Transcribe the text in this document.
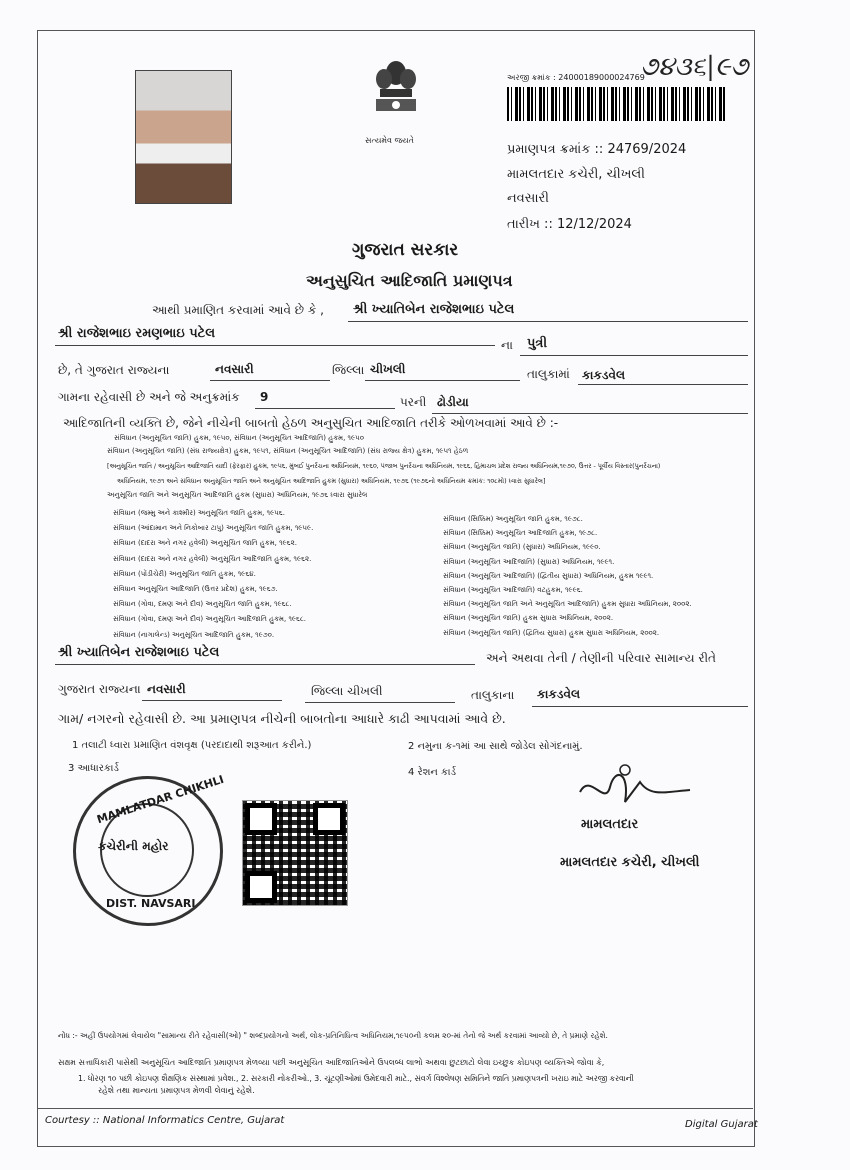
સત્યમેવ જયતે
૭૪૩૬|૯૭
અરજી ક્રમાંક : 24000189000024769
પ્રમાણપત્ર ક્રમાંક :: 24769/2024
મામલતદાર કચેરી, ચીખલી
નવસારી
તારીખ :: 12/12/2024
ગુજરાત સરકાર
અનુસુચિત આદિજાતિ પ્રમાણપત્ર
આથી પ્રમાણિત કરવામાં આવે છે કે , શ્રી ખ્યાતિબેન રાજેશભાઇ પટેલ
શ્રી રાજેશભાઇ રમણભાઇ પટેલ
ના પુત્રી
છે, તે ગુજરાત રાજ્યના	નવસારી	જિલ્લા ચીખલી	તાલુકામાં કાકડવેલ
ગામના રહેવાસી છે અને જે અનુક્રમાંક 9	પરની ઢોડીયા
આદિજાતિની વ્યક્તિ છે, જેને નીચેની બાબતો હેઠળ અનુસુચિત આદિજાતિ તરીકે ઓળખવામાં આવે છે :-
સંવિધાન (અનુસૂચિત જાતિ) હુકમ, ૧૯૫૦, સંવિધાન (અનુસૂચિત આદિજાતિ) હુકમ, ૧૯૫૦
સંવિધાન (અનુસૂચિત જાતિ) (સંઘ રાજ્યક્ષેત્ર) હુકમ, ૧૯૫૧, સંવિધાન (અનુસૂચિત આદિજાતિ) (સંઘ રાજ્ય ક્ષેત્ર) હુકમ, ૧૯૫૧ હેઠળ
[અનુસૂચિત જાતિ / અનુસૂચિત આદિજાતિ યાદી (ફેરફાર) હુકમ, ૧૯૫૬, મુંબઈ પુનર્રચના અધિનિયમ, ૧૯૬૦, પંજાબ પુનર્રચના અધિનિયમ, ૧૯૬૬, હિમાચલ પ્રદેશ રાજ્ય અધિનિયમ,૧૯૭૦, ઉત્તર - પૂર્વીય વિસ્તાર(પુનર્રચના)
અધિનિયમ, ૧૯૭૧ અને સંવિધાન અનુસૂચિત જાતિ અને અનુસૂચિત આદિજાતિ હુકમ (સુધારા) અધિનિયમ, ૧૯૭૬ (૧૯૭૬નો અધિનિયમ ક્રમાંક: ૧૦૮મો) ધ્વારા સુધારેલ]
અનુસૂચિત જાતિ અને અનુસૂચિત આદિજાતિ હુકમ (સુધારા) અધિનિયમ, ૧૯૭૬ ધ્વારા સુધારેલ
સંવિધાન (જમ્મુ અને કાશ્મીર) અનુસૂચિત જાતિ હુકમ, ૧૯૫૬.
સંવિધાન (આંદામાન અને નિકોબાર ટાપુ) અનુસૂચિત જાતિ હુકમ, ૧૯૫૯.
સંવિધાન (દાદરા અને નગર હવેલી) અનુસૂચિત જાતિ હુકમ, ૧૯૬૨.
સંવિધાન (દાદરા અને નગર હવેલી) અનુસૂચિત આદિજાતિ હુકમ, ૧૯૬૨.
સંવિધાન (પોંડીચેરી) અનુસૂચિત જાતિ હુકમ, ૧૯૬૪.
સંવિધાન અનુસૂચિત આદિજાતિ (ઉત્તર પ્રદેશ) હુકમ, ૧૯૬૭.
સંવિધાન (ગોવા, દમણ અને દીવ) અનુસૂચિત જાતિ હુકમ, ૧૯૬૮.
સંવિધાન (ગોવા, દમણ અને દીવ) અનુસૂચિત આદિજાતિ હુકમ, ૧૯૬૮.
સંવિધાન (નાગાલેન્ડ) અનુસૂચિત આદિજાતિ હુકમ, ૧૯૭૦.
સંવિધાન (સિક્કિમ) અનુસૂચિત જાતિ હુકમ, ૧૯૭૮.
સંવિધાન (સિક્કિમ) અનુસૂચિત આદિજાતિ હુકમ, ૧૯૭૮.
સંવિધાન (અનુસૂચિત જાતિ) (સુધારા) અધિનિયમ, ૧૯૯૦.
સંવિધાન (અનુસૂચિત આદિજાતિ) (સુધારા) અધિનિયમ, ૧૯૯૧.
સંવિધાન (અનુસૂચિત આદિજાતિ) (દ્વિતીય સુધારા) અધિનિયમ, હુકમ ૧૯૯૧.
સંવિધાન (અનુસૂચિત આદિજાતિ) વટહુકમ, ૧૯૯૬.
સંવિધાન (અનુસૂચિત જાતિ અને અનુસૂચિત આદિજાતિ) હુકમ સુધારા અધિનિયમ, ૨૦૦૨.
સંવિધાન (અનુસૂચિત જાતિ) હુકમ સુધારા અધિનિયમ, ૨૦૦૨.
સંવિધાન (અનુસૂચિત જાતિ) (દ્વિતિય સુધારા) હુકમ સુધારા અધિનિયમ, ૨૦૦૨.
શ્રી ખ્યાતિબેન રાજેશભાઇ પટેલ	અને અથવા તેની / તેણીની પરિવાર સામાન્ય રીતે
ગુજરાત રાજ્યના નવસારી	જિલ્લા ચીખલી	તાલુકાના કાકડવેલ
ગામ/ નગરનો રહેવાસી છે. આ પ્રમાણપત્ર નીચેની બાબતોના આધારે કાઢી આપવામાં આવે છે.
1 તલાટી ધ્વારા પ્રમાણિત વંશવૃક્ષ (પરદાદાથી શરૂઆત કરીને.)	2 નમુના ક-૧માં આ સાથે જોડેલ સોગંદનામું.
3 આધારકાર્ડ	4 રેશન કાર્ડ
MAMLATDAR CHIKHLI
DIST. NAVSARI
કચેરીની મહોર
મામલતદાર
મામલતદાર કચેરી, ચીખલી
નોંધ :- અહીં ઉપયોગમાં લેવાયેલ "સામાન્ય રીતે રહેવાસી(ઓ) " શબ્દપ્રયોગનો અર્થ, લોક-પ્રતિનિધિત્વ અધિનિયમ,૧૯૫૦ની કલમ ૨૦-માં તેનો જે અર્થ કરવામાં આવ્યો છે, તે પ્રમાણે રહેશે.
સક્ષમ સત્તાધિકારી પાસેથી અનુસૂચિત આદિજાતિ પ્રમાણપત્ર મેળવ્યા પછી અનુસૂચિત આદિજાતિઓને ઉપલબ્ધ લાભો અથવા છુટછાટો લેવા ઇચ્છુક કોઇપણ વ્યક્તિએ જોવા કે,
1. ધોરણ ૧૦ પછી કોઇપણ શૈક્ષણિક સંસ્થામાં પ્રવેશ., 2. સરકારી નોકરીઓ., 3. ચૂંટણીઓમાં ઉમેદવારી માટે., સંવર્ગ વિશ્લેષણ સમિતિને જાતિ પ્રમાણપત્રની ખરાઇ માટે અરજી કરવાની
રહેશે તથા માન્યતા પ્રમાણપત્ર મેળવી લેવાનું રહેશે.
Courtesy :: National Informatics Centre, Gujarat	Digital Gujarat
